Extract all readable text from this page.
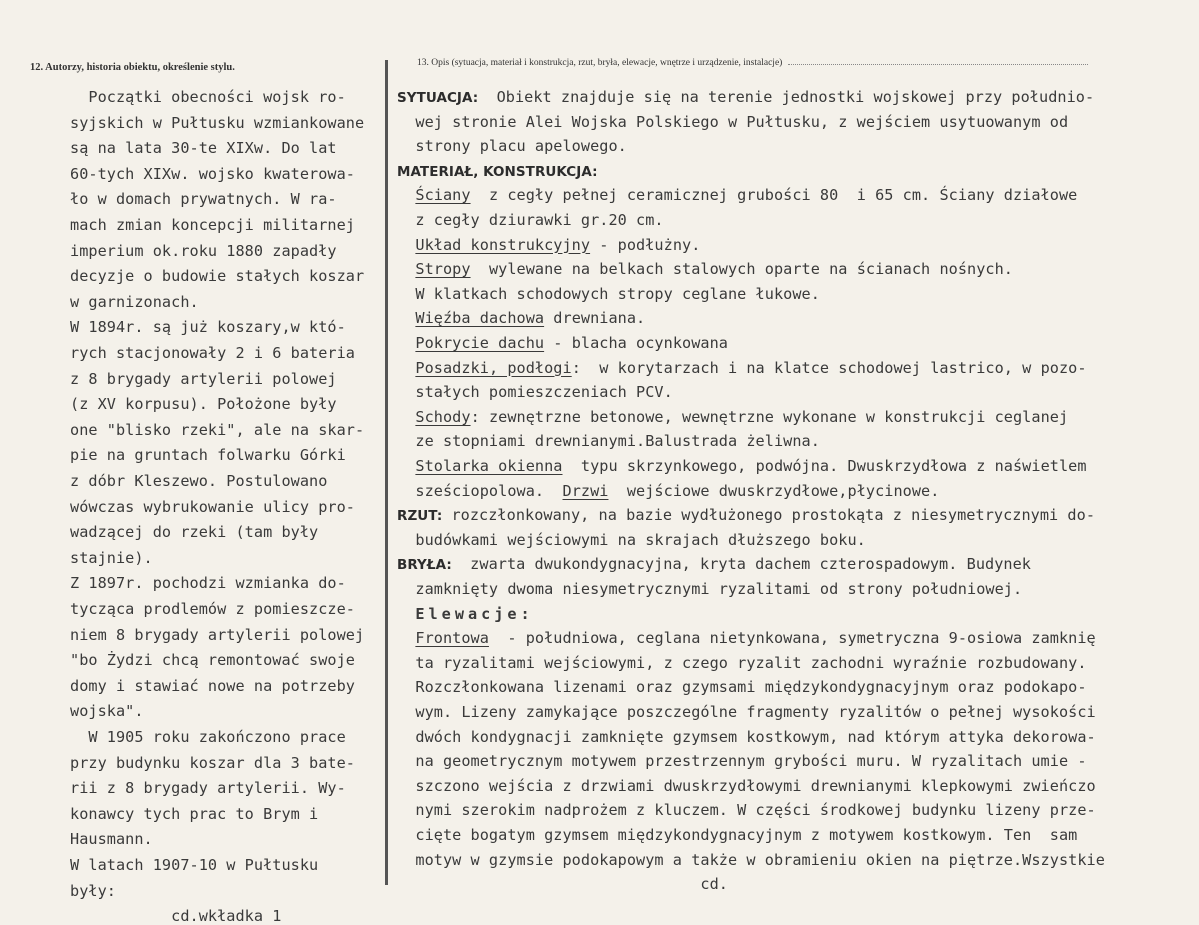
12. Autorzy, historia obiektu, określenie stylu.	13. Opis (sytuacja, materiał i konstrukcja, rzut, bryła, elewacje, wnętrze i urządzenie, instalacje)
Początki obecności wojsk ro-
syjskich w Pułtusku wzmiankowane
są na lata 30-te XIXw. Do lat
60-tych XIXw. wojsko kwaterowa-
ło w domach prywatnych. W ra-
mach zmian koncepcji militarnej
imperium ok.roku 1880 zapadły
decyzje o budowie stałych koszar
w garnizonach.
W 1894r. są już koszary,w któ-
rych stacjonowały 2 i 6 bateria
z 8 brygady artylerii polowej
(z XV korpusu). Położone były
one "blisko rzeki", ale na skar-
pie na gruntach folwarku Górki
z dóbr Kleszewo. Postulowano
wówczas wybrukowanie ulicy pro-
wadzącej do rzeki (tam były
stajnie).
Z 1897r. pochodzi wzmianka do-
tycząca prodlemów z pomieszcze-
niem 8 brygady artylerii polowej
"bo Żydzi chcą remontować swoje
domy i stawiać nowe na potrzeby
wojska".
W 1905 roku zakończono prace
przy budynku koszar dla 3 bate-
rii z 8 brygady artylerii. Wy-
konawcy tych prac to Brym i
Hausmann.
W latach 1907-10 w Pułtusku
były:
cd.wkładka 1
SYTUACJA:  Obiekt znajduje się na terenie jednostki wojskowej przy południo-
wej stronie Alei Wojska Polskiego w Pułtusku, z wejściem usytuowanym od
strony placu apelowego.
MATERIAŁ, KONSTRUKCJA:
Ściany  z cegły pełnej ceramicznej grubości 80  i 65 cm. Ściany działowe
z cegły dziurawki gr.20 cm.
Układ konstrukcyjny - podłużny.
Stropy  wylewane na belkach stalowych oparte na ścianach nośnych.
W klatkach schodowych stropy ceglane łukowe.
Więźba dachowa drewniana.
Pokrycie dachu - blacha ocynkowana
Posadzki, podłogi:  w korytarzach i na klatce schodowej lastrico, w pozo-
stałych pomieszczeniach PCV.
Schody: zewnętrzne betonowe, wewnętrzne wykonane w konstrukcji ceglanej
ze stopniami drewnianymi.Balustrada żeliwna.
Stolarka okienna  typu skrzynkowego, podwójna. Dwuskrzydłowa z naświetlem
sześciopolowa.  Drzwi  wejściowe dwuskrzydłowe,płycinowe.
RZUT: rozczłonkowany, na bazie wydłużonego prostokąta z niesymetrycznymi do-
budówkami wejściowymi na skrajach dłuższego boku.
BRYŁA:  zwarta dwukondygnacyjna, kryta dachem czterospadowym. Budynek
zamknięty dwoma niesymetrycznymi ryzalitami od strony południowej.
Elewacje:
Frontowa  - południowa, ceglana nietynkowana, symetryczna 9-osiowa zamknię
ta ryzalitami wejściowymi, z czego ryzalit zachodni wyraźnie rozbudowany.
Rozczłonkowana lizenami oraz gzymsami międzykondygnacyjnym oraz podokapo-
wym. Lizeny zamykające poszczególne fragmenty ryzalitów o pełnej wysokości
dwóch kondygnacji zamknięte gzymsem kostkowym, nad którym attyka dekorowa-
na geometrycznym motywem przestrzennym grybości muru. W ryzalitach umie -
szczono wejścia z drzwiami dwuskrzydłowymi drewnianymi klepkowymi zwieńczo
nymi szerokim nadprożem z kluczem. W części środkowej budynku lizeny prze-
cięte bogatym gzymsem międzykondygnacyjnym z motywem kostkowym. Ten  sam
motyw w gzymsie podokapowym a także w obramieniu okien na piętrze.Wszystkie
cd.
